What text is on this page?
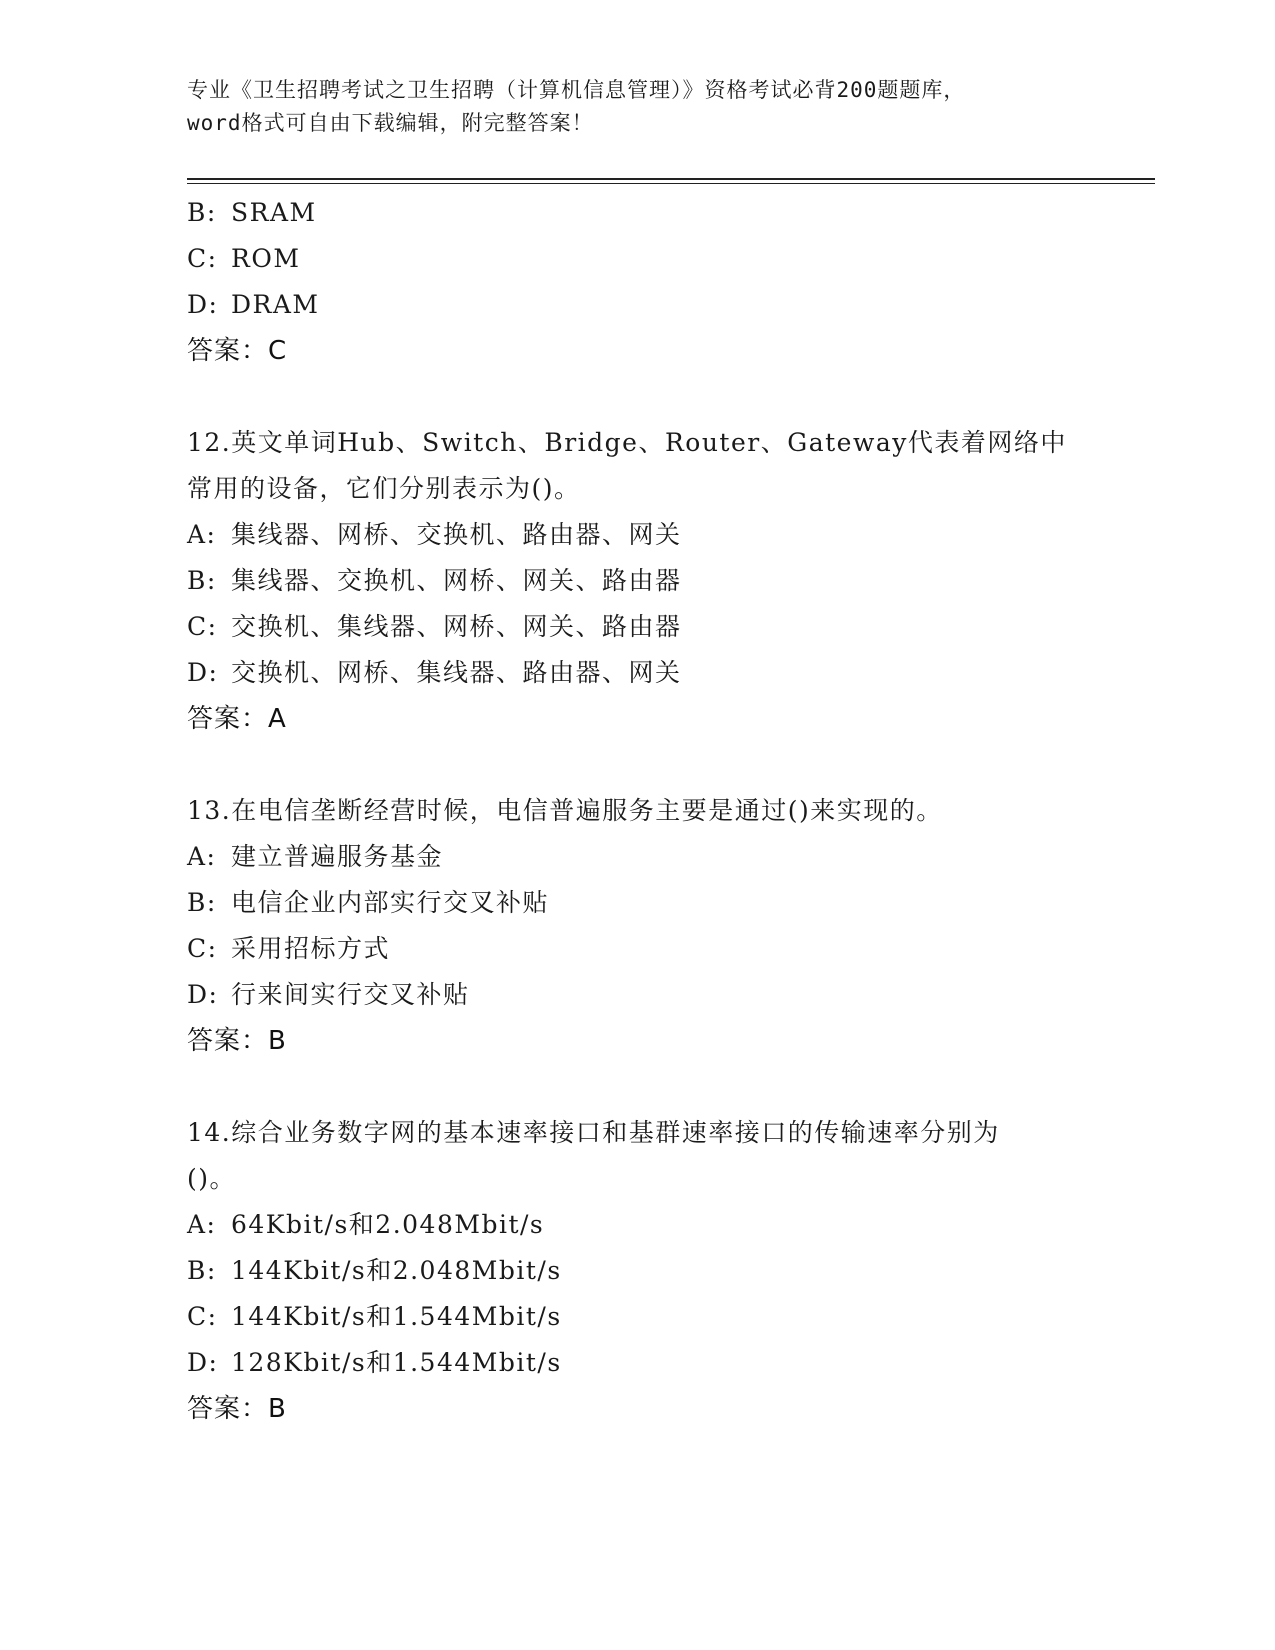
专业《卫生招聘考试之卫生招聘（计算机信息管理）》资格考试必背200题题库，
word格式可自由下载编辑，附完整答案！
B: SRAM
C: ROM
D: DRAM
答案：C
12.英文单词Hub、Switch、Bridge、Router、Gateway代表着网络中
常用的设备，它们分别表示为()。
A: 集线器、网桥、交换机、路由器、网关
B: 集线器、交换机、网桥、网关、路由器
C: 交换机、集线器、网桥、网关、路由器
D: 交换机、网桥、集线器、路由器、网关
答案：A
13.在电信垄断经营时候，电信普遍服务主要是通过()来实现的。
A: 建立普遍服务基金
B: 电信企业内部实行交叉补贴
C: 采用招标方式
D: 行来间实行交叉补贴
答案：B
14.综合业务数字网的基本速率接口和基群速率接口的传输速率分别为
()。
A: 64Kbit/s和2.048Mbit/s
B: 144Kbit/s和2.048Mbit/s
C: 144Kbit/s和1.544Mbit/s
D: 128Kbit/s和1.544Mbit/s
答案：B
